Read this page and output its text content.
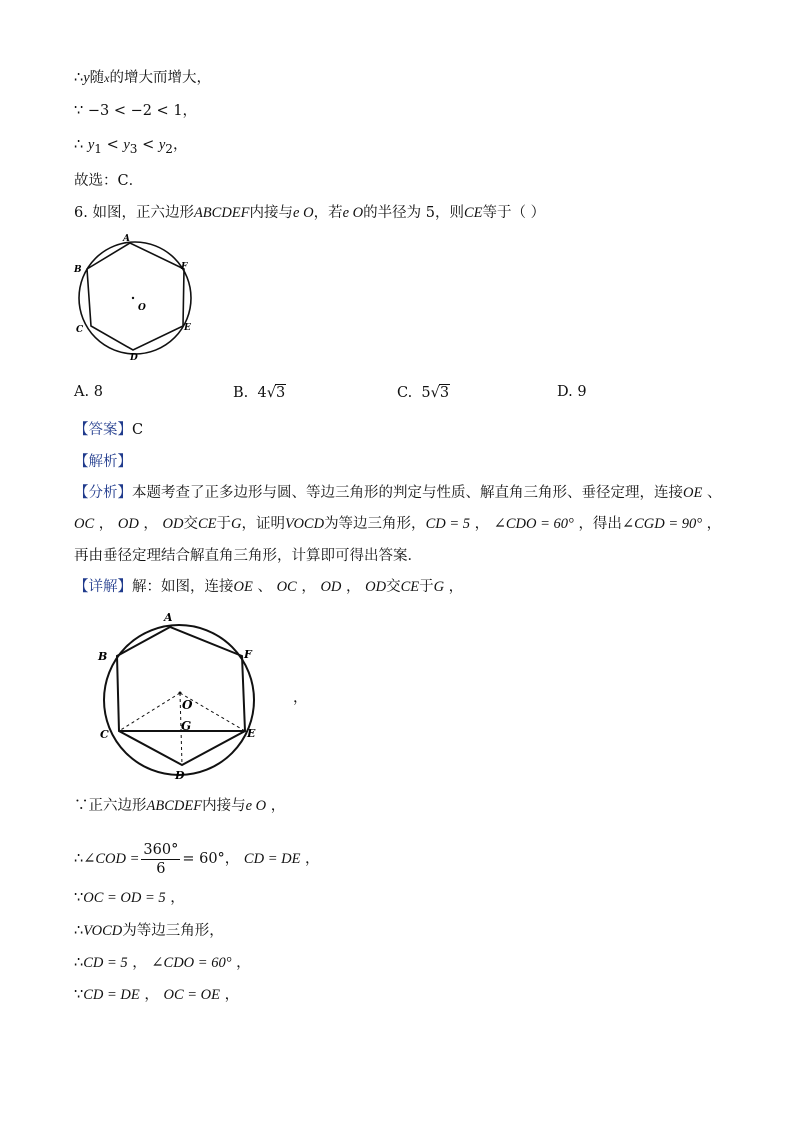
∴y随x的增大而增大，
∵ −3 < −2 < 1，
∴ $y_1 < y_3 < y_2$，
故选：C．
6. 如图，正六边形ABCDEF内接与e O，若e O的半径为 5，则CE等于（ ）
A
B
C
D
E
F
O
A. 8	B. 4√3	C. 5√3	D. 9
【答案】C
【解析】
【分析】本题考查了正多边形与圆、等边三角形的判定与性质、解直角三角形、垂径定理，连接OE 、
OC ， OD ， OD交CE于G，证明VOCD为等边三角形，CD = 5 ， ∠CDO = 60° ，得出∠CGD = 90° ，
再由垂径定理结合解直角三角形，计算即可得出答案．
【详解】解：如图，连接OE 、 OC ， OD ， OD交CE于G ，
A
B
C
D
E
F
O
G
，
∵正六边形ABCDEF内接与e O ，
∴∠COD = $\frac{360^\circ}{6} = 60^\circ$， CD = DE ，
∵OC = OD = 5 ，
∴VOCD为等边三角形，
∴CD = 5 ， ∠CDO = 60° ，
∵CD = DE ， OC = OE ，
